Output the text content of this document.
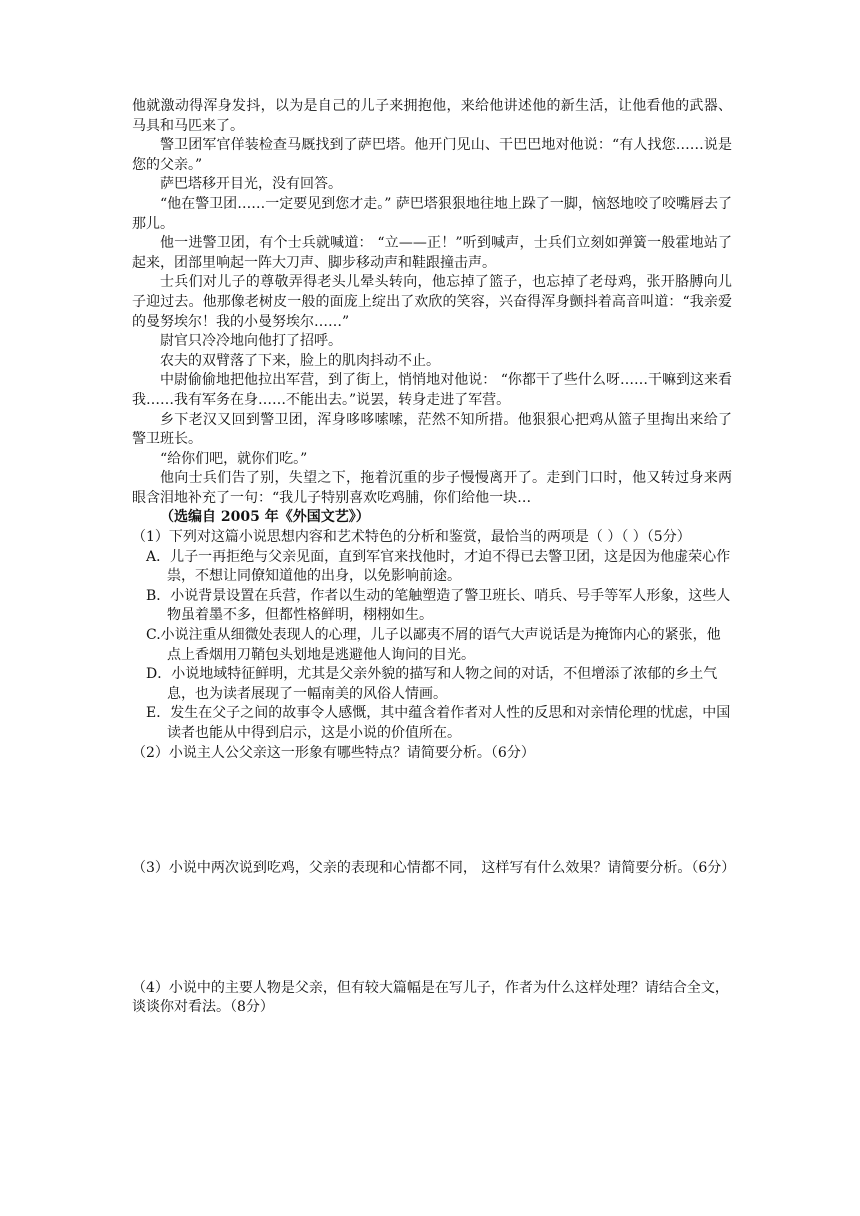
他就激动得浑身发抖，以为是自己的儿子来拥抱他，来给他讲述他的新生活，让他看他的武器、马具和马匹来了。

警卫团军官佯装检查马厩找到了萨巴塔。他开门见山、干巴巴地对他说：“有人找您……说是您的父亲。”

萨巴塔移开目光，没有回答。

“他在警卫团……一定要见到您才走。” 萨巴塔狠狠地往地上跺了一脚，恼怒地咬了咬嘴唇去了那儿。

他一进警卫团，有个士兵就喊道： “立——正！”听到喊声，士兵们立刻如弹簧一般霍地站了起来，团部里响起一阵大刀声、脚步移动声和鞋跟撞击声。

士兵们对儿子的尊敬弄得老头儿晕头转向，他忘掉了篮子，也忘掉了老母鸡，张开胳膊向儿子迎过去。他那像老树皮一般的面庞上绽出了欢欣的笑容，兴奋得浑身颤抖着高音叫道：“我亲爱的曼努埃尔！我的小曼努埃尔……”

尉官只冷冷地向他打了招呼。

农夫的双臂落了下来，脸上的肌肉抖动不止。

中尉偷偷地把他拉出军营，到了街上，悄悄地对他说： “你都干了些什么呀……干嘛到这来看我……我有军务在身……不能出去。”说罢，转身走进了军营。

乡下老汉又回到警卫团，浑身哆哆嗦嗦，茫然不知所措。他狠狠心把鸡从篮子里掏出来给了警卫班长。

“给你们吧，就你们吃。”

他向士兵们告了别，失望之下，拖着沉重的步子慢慢离开了。走到门口时，他又转过身来两眼含泪地补充了一句：“我儿子特别喜欢吃鸡脯，你们给他一块…

（选编自 2005 年《外国文艺》）

（1）下列对这篇小说思想内容和艺术特色的分析和鉴赏，最恰当的两项是（ ）（ ）（5分）

A．儿子一再拒绝与父亲见面，直到军官来找他时，才迫不得已去警卫团，这是因为他虚荣心作祟，不想让同僚知道他的出身，以免影响前途。

B．小说背景设置在兵营，作者以生动的笔触塑造了警卫班长、哨兵、号手等军人形象，这些人物虽着墨不多，但都性格鲜明，栩栩如生。

C.小说注重从细微处表现人的心理，儿子以鄙夷不屑的语气大声说话是为掩饰内心的紧张，他点上香烟用刀鞘包头划地是逃避他人询问的目光。

D．小说地域特征鲜明，尤其是父亲外貌的描写和人物之间的对话，不但增添了浓郁的乡土气息，也为读者展现了一幅南美的风俗人情画。

E．发生在父子之间的故事令人感慨，其中蕴含着作者对人性的反思和对亲情伦理的忧虑，中国读者也能从中得到启示，这是小说的价值所在。

（2）小说主人公父亲这一形象有哪些特点？请简要分析。（6分）

（3）小说中两次说到吃鸡，父亲的表现和心情都不同， 这样写有什么效果？请简要分析。（6分）

（4）小说中的主要人物是父亲，但有较大篇幅是在写儿子，作者为什么这样处理？请结合全文，谈谈你对看法。（8分）
